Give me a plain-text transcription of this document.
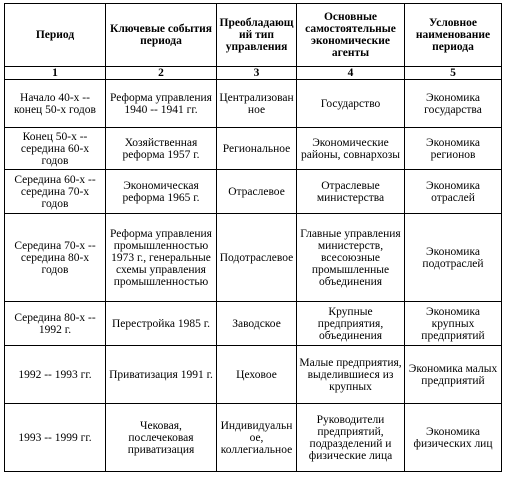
Период	Ключевые события периода	Преобладающий тип управления	Основные самостоятельные экономические агенты	Условное наименование периода
1	2	3	4	5
Начало 40-х -- конец 50-х годов	Реформа управления 1940 -- 1941 гг.	Централизованное	Государство	Экономика государства
Конец 50-х -- середина 60-х годов	Хозяйственная реформа 1957 г.	Региональное	Экономические районы, совнархозы	Экономика регионов
Середина 60-х -- середина 70-х годов	Экономическая реформа 1965 г.	Отраслевое	Отраслевые министерства	Экономика отраслей
Середина 70-х -- середина 80-х годов	Реформа управления промышленностью 1973 г., генеральные схемы управления промышленностью	Подотраслевое	Главные управления министерств, всесоюзные промышленные объединения	Экономика подотраслей
Середина 80-х -- 1992 г.	Перестройка 1985 г.	Заводское	Крупные предприятия, объединения	Экономика крупных предприятий
1992 -- 1993 гг.	Приватизация 1991 г.	Цеховое	Малые предприятия, выделившиеся из крупных	Экономика малых предприятий
1993 -- 1999 гг.	Чековая, послечековая приватизация	Индивидуальное, коллегиальное	Руководители предприятий, подразделений и физические лица	Экономика физических лиц
